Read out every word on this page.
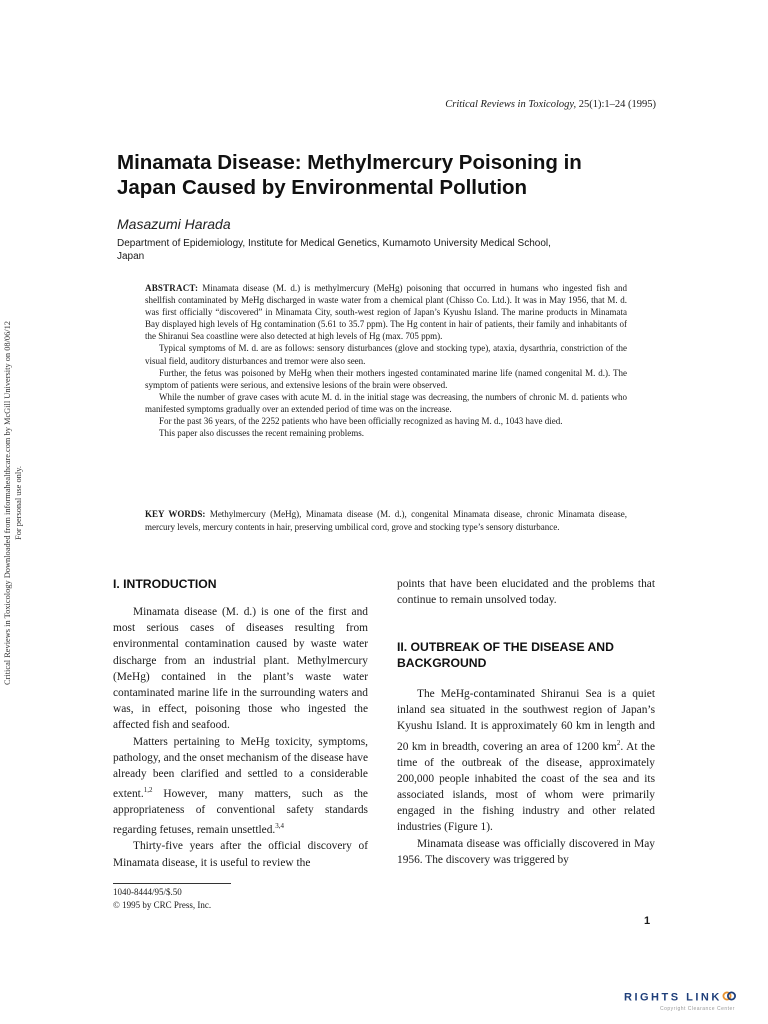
Critical Reviews in Toxicology, 25(1):1–24 (1995)
Minamata Disease: Methylmercury Poisoning in
Japan Caused by Environmental Pollution
Masazumi Harada
Department of Epidemiology, Institute for Medical Genetics, Kumamoto University Medical School,
Japan

ABSTRACT: Minamata disease (M. d.) is methylmercury (MeHg) poisoning that occurred in humans who ingested fish and shellfish contaminated by MeHg discharged in waste water from a chemical plant (Chisso Co. Ltd.). It was in May 1956, that M. d. was first officially “discovered” in Minamata City, south-west region of Japan’s Kyushu Island. The marine products in Minamata Bay displayed high levels of Hg contamination (5.61 to 35.7 ppm). The Hg content in hair of patients, their family and inhabitants of the Shiranui Sea coastline were also detected at high levels of Hg (max. 705 ppm).

Typical symptoms of M. d. are as follows: sensory disturbances (glove and stocking type), ataxia, dysarthria, constriction of the visual field, auditory disturbances and tremor were also seen.

Further, the fetus was poisoned by MeHg when their mothers ingested contaminated marine life (named congenital M. d.). The symptom of patients were serious, and extensive lesions of the brain were observed.

While the number of grave cases with acute M. d. in the initial stage was decreasing, the numbers of chronic M. d. patients who manifested symptoms gradually over an extended period of time was on the increase.

For the past 36 years, of the 2252 patients who have been officially recognized as having M. d., 1043 have died.

This paper also discusses the recent remaining problems.

KEY WORDS: Methylmercury (MeHg), Minamata disease (M. d.), congenital Minamata disease, chronic Minamata disease, mercury levels, mercury contents in hair, preserving umbilical cord, grove and stocking type’s sensory disturbance.
I. INTRODUCTION

Minamata disease (M. d.) is one of the first and most serious cases of diseases resulting from environmental contamination caused by waste water discharge from an industrial plant. Methylmercury (MeHg) contained in the plant’s waste water contaminated marine life in the surrounding waters and was, in effect, poisoning those who ingested the affected fish and seafood.

Matters pertaining to MeHg toxicity, symptoms, pathology, and the onset mechanism of the disease have already been clarified and settled to a considerable extent.$^{1,2}$ However, many matters, such as the appropriateness of conventional safety standards regarding fetuses, remain unsettled.$^{3,4}$

Thirty-five years after the official discovery of Minamata disease, it is useful to review the

points that have been elucidated and the problems that continue to remain unsolved today.
II. OUTBREAK OF THE DISEASE AND BACKGROUND

The MeHg-contaminated Shiranui Sea is a quiet inland sea situated in the southwest region of Japan’s Kyushu Island. It is approximately 60 km in length and 20 km in breadth, covering an area of 1200 $km^2$. At the time of the outbreak of the disease, approximately 200,000 people inhabited the coast of the sea and its associated islands, most of whom were primarily engaged in the fishing industry and other related industries (Figure 1).

Minamata disease was officially discovered in May 1956. The discovery was triggered by

1040-8444/95/$.50
© 1995 by CRC Press, Inc.
1
Critical Reviews in Toxicology Downloaded from informahealthcare.com by McGill University on 08/06/12 For personal use only.
RIGHTS LINK
Copyright Clearance Center
